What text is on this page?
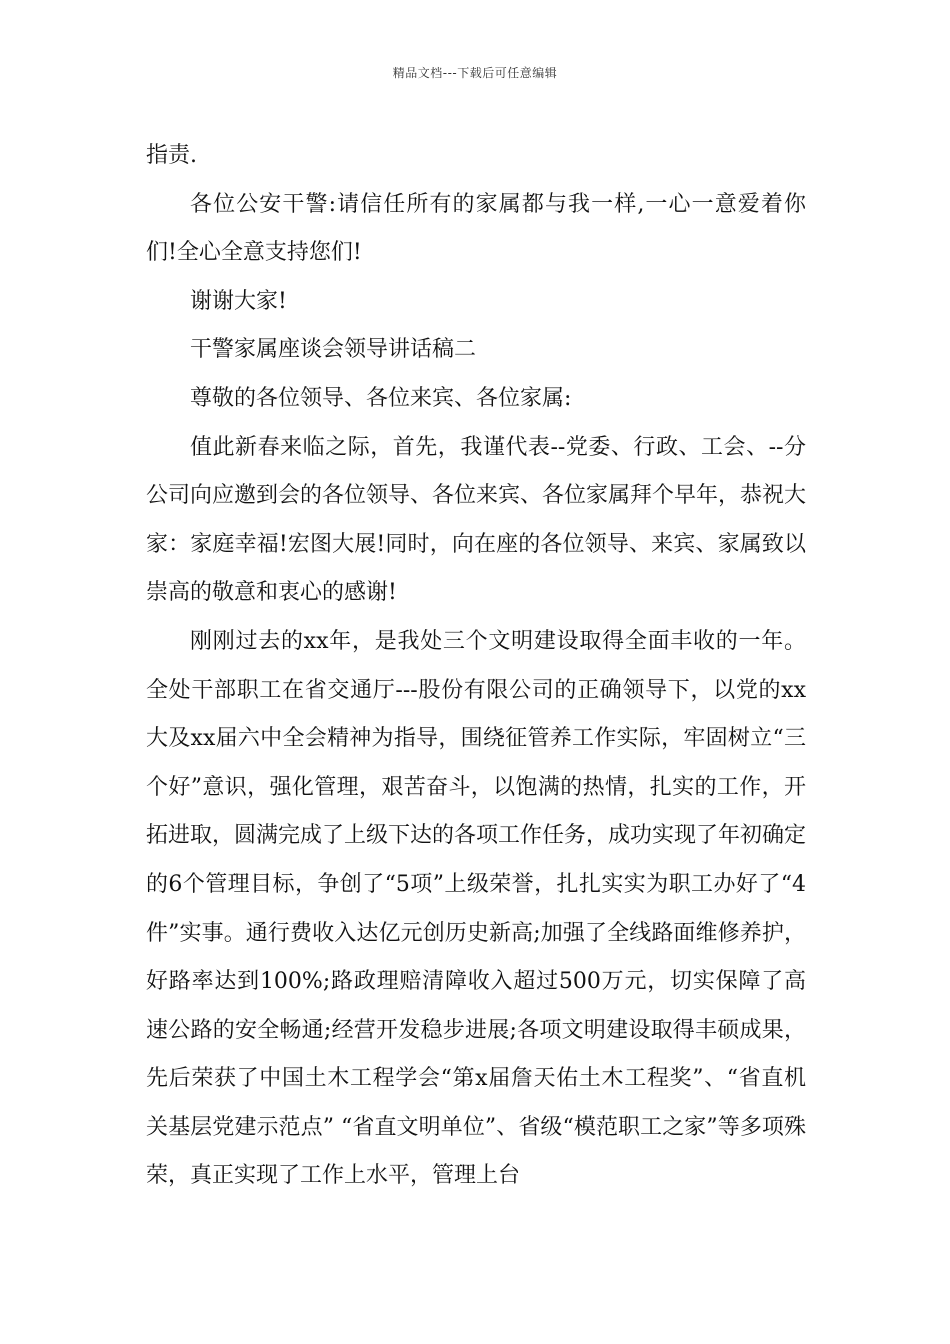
精品文档---下载后可任意编辑

指责.

各位公安干警:请信任所有的家属都与我一样,一心一意爱着你们!全心全意支持您们!

谢谢大家!

干警家属座谈会领导讲话稿二

尊敬的各位领导、各位来宾、各位家属:

值此新春来临之际，首先，我谨代表--党委、行政、工会、--分公司向应邀到会的各位领导、各位来宾、各位家属拜个早年，恭祝大家：家庭幸福!宏图大展!同时，向在座的各位领导、来宾、家属致以崇高的敬意和衷心的感谢!

刚刚过去的xx年，是我处三个文明建设取得全面丰收的一年。全处干部职工在省交通厅---股份有限公司的正确领导下，以党的xx大及xx届六中全会精神为指导，围绕征管养工作实际，牢固树立“三个好”意识，强化管理，艰苦奋斗，以饱满的热情，扎实的工作，开拓进取，圆满完成了上级下达的各项工作任务，成功实现了年初确定的6个管理目标，争创了“5项”上级荣誉，扎扎实实为职工办好了“4件”实事。通行费收入达亿元创历史新高;加强了全线路面维修养护，好路率达到100%;路政理赔清障收入超过500万元，切实保障了高速公路的安全畅通;经营开发稳步进展;各项文明建设取得丰硕成果，先后荣获了中国土木工程学会“第x届詹天佑土木工程奖”、“省直机关基层党建示范点” “省直文明单位”、省级“模范职工之家”等多项殊荣，真正实现了工作上水平，管理上台
